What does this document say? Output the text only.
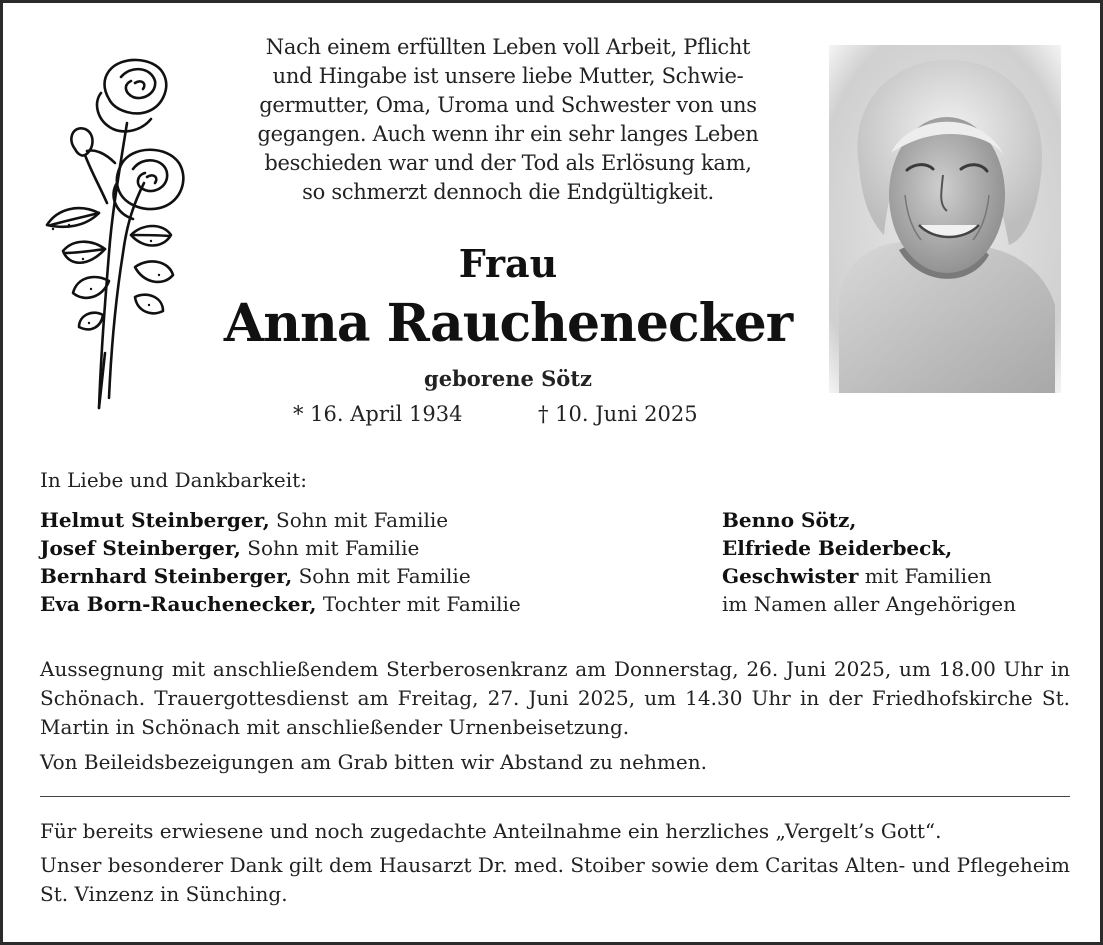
Nach einem erfüllten Leben voll Arbeit, Pflicht
und Hingabe ist unsere liebe Mutter, Schwie-
germutter, Oma, Uroma und Schwester von uns
gegangen. Auch wenn ihr ein sehr langes Leben
beschieden war und der Tod als Erlösung kam,
so schmerzt dennoch die Endgültigkeit.
Frau
Anna Rauchenecker
geborene Sötz
* 16. April 1934	† 10. Juni 2025
In Liebe und Dankbarkeit:
Helmut Steinberger, Sohn mit Familie
Josef Steinberger, Sohn mit Familie
Bernhard Steinberger, Sohn mit Familie
Eva Born-Rauchenecker, Tochter mit Familie
Benno Sötz,
Elfriede Beiderbeck,
Geschwister mit Familien
im Namen aller Angehörigen
Aussegnung mit anschließendem Sterberosenkranz am Donnerstag, 26. Juni 2025, um 18.00 Uhr in Schönach. Trauergottesdienst am Freitag, 27. Juni 2025, um 14.30 Uhr in der Friedhofskirche St. Martin in Schönach mit anschließender Urnenbeisetzung.
Von Beileidsbezeigungen am Grab bitten wir Abstand zu nehmen.
Für bereits erwiesene und noch zugedachte Anteilnahme ein herzliches „Vergelt’s Gott“.
Unser besonderer Dank gilt dem Hausarzt Dr. med. Stoiber sowie dem Caritas Alten- und Pflegeheim St. Vinzenz in Sünching.
